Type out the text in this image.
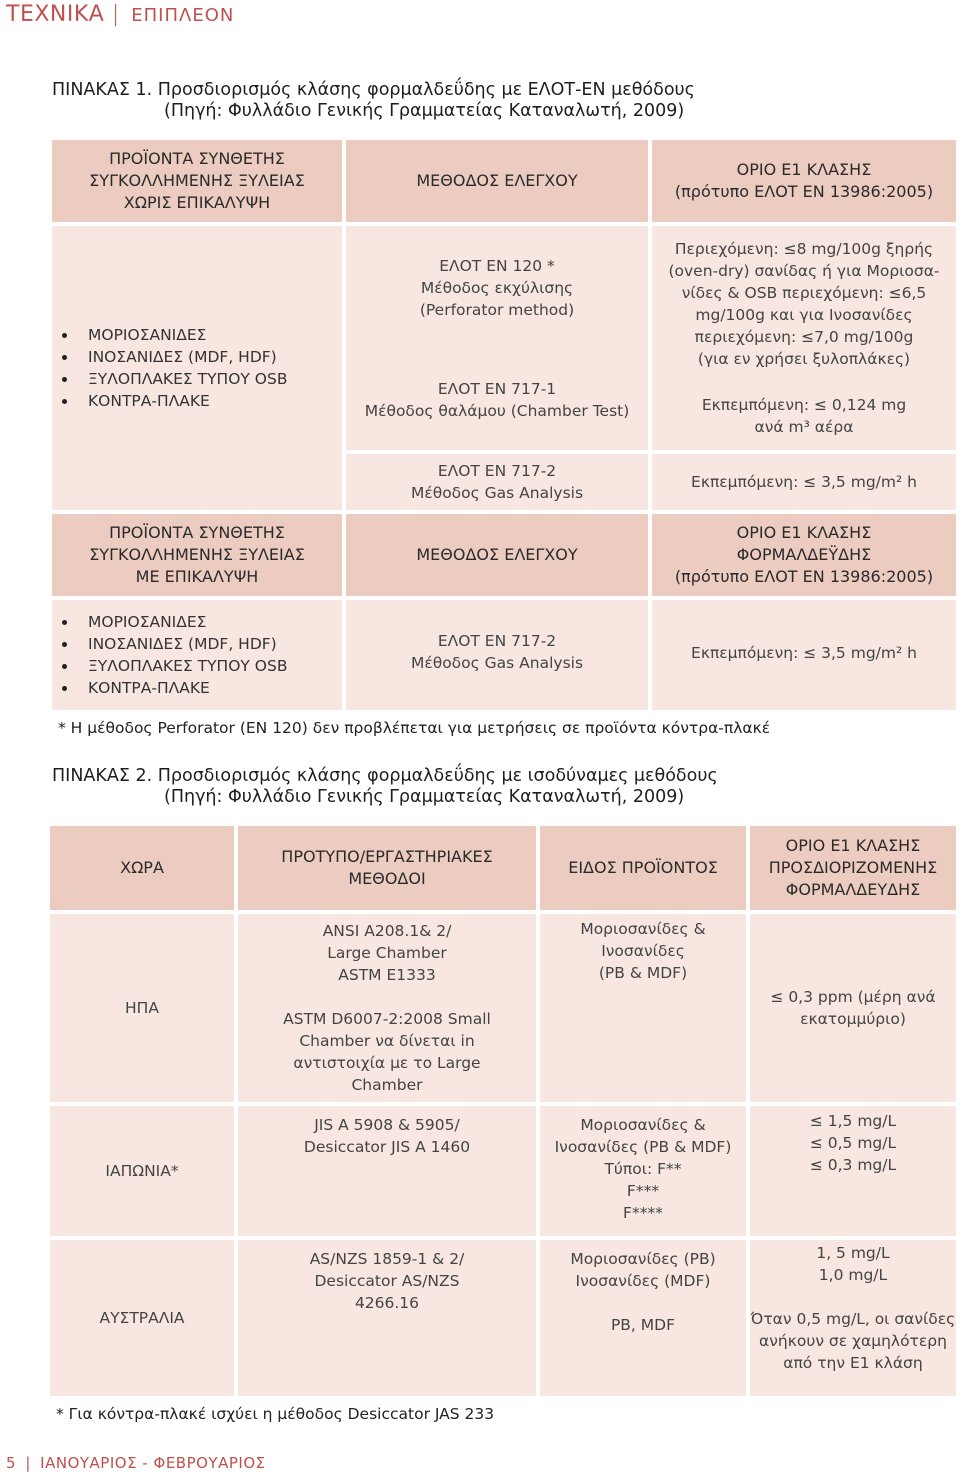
ΤΕΧΝΙΚΑ | ΕΠΙΠΛΕΟΝ
ΠΙΝΑΚΑΣ 1. Προσδιορισμός κλάσης φορμαλδεΰδης με ΕΛΟΤ-ΕΝ μεθόδους
(Πηγή: Φυλλάδιο Γενικής Γραμματείας Καταναλωτή, 2009)
ΠΡΟΪΟΝΤΑ ΣΥΝΘΕΤΗΣ
ΣΥΓΚΟΛΛΗΜΕΝΗΣ ΞΥΛΕΙΑΣ
ΧΩΡΙΣ ΕΠΙΚΑΛΥΨΗ
ΜΕΘΟΔΟΣ ΕΛΕΓΧΟΥ
ΟΡΙΟ Ε1 ΚΛΑΣΗΣ
(πρότυπο ΕΛΟΤ ΕΝ 13986:2005)
ΜΟΡΙΟΣΑΝΙΔΕΣ
ΙΝΟΣΑΝΙΔΕΣ (MDF, HDF)
ΞΥΛΟΠΛΑΚΕΣ ΤΥΠΟΥ OSB
ΚΟΝΤΡΑ-ΠΛΑΚΕ
ΕΛΟΤ ΕΝ 120 *
Μέθοδος εκχύλισης
(Perforator method)
ΕΛΟΤ ΕΝ 717-1
Μέθοδος θαλάμου (Chamber Test)
Περιεχόμενη: ≤8 mg/100g ξηρής
(oven-dry) σανίδας ή για Μοριοσα-
νίδες & OSB περιεχόμενη: ≤6,5
mg/100g και για Ινοσανίδες
περιεχόμενη: ≤7,0 mg/100g
(για εν χρήσει ξυλοπλάκες)
Εκπεμπόμενη: ≤ 0,124 mg
ανά m³ αέρα
ΕΛΟΤ ΕΝ 717-2
Μέθοδος Gas Analysis
Εκπεμπόμενη: ≤ 3,5 mg/m² h
ΠΡΟΪΟΝΤΑ ΣΥΝΘΕΤΗΣ
ΣΥΓΚΟΛΛΗΜΕΝΗΣ ΞΥΛΕΙΑΣ
ΜΕ ΕΠΙΚΑΛΥΨΗ
ΜΕΘΟΔΟΣ ΕΛΕΓΧΟΥ
ΟΡΙΟ Ε1 ΚΛΑΣΗΣ
ΦΟΡΜΑΛΔΕΫΔΗΣ
(πρότυπο ΕΛΟΤ ΕΝ 13986:2005)
ΜΟΡΙΟΣΑΝΙΔΕΣ
ΙΝΟΣΑΝΙΔΕΣ (MDF, HDF)
ΞΥΛΟΠΛΑΚΕΣ ΤΥΠΟΥ OSB
ΚΟΝΤΡΑ-ΠΛΑΚΕ
ΕΛΟΤ ΕΝ 717-2
Μέθοδος Gas Analysis
Εκπεμπόμενη: ≤ 3,5 mg/m² h
* Η μέθοδος Perforator (ΕΝ 120) δεν προβλέπεται για μετρήσεις σε προϊόντα κόντρα-πλακέ
ΠΙΝΑΚΑΣ 2. Προσδιορισμός κλάσης φορμαλδεΰδης με ισοδύναμες μεθόδους
(Πηγή: Φυλλάδιο Γενικής Γραμματείας Καταναλωτή, 2009)
ΧΩΡΑ
ΠΡΟΤΥΠΟ/ΕΡΓΑΣΤΗΡΙΑΚΕΣ
ΜΕΘΟΔΟΙ
ΕΙΔΟΣ ΠΡΟΪΟΝΤΟΣ
ΟΡΙΟ Ε1 ΚΛΑΣΗΣ
ΠΡΟΣΔΙΟΡΙΖΟΜΕΝΗΣ
ΦΟΡΜΑΛΔΕΥΔΗΣ
ΗΠΑ
ANSI A208.1& 2/
Large Chamber
ASTM E1333

ASTM D6007-2:2008 Small
Chamber να δίνεται in
αντιστοιχία με το Large
Chamber
Μοριοσανίδες &
Ινοσανίδες
(PB & MDF)
≤ 0,3 ppm (μέρη ανά
εκατομμύριο)
ΙΑΠΩΝΙΑ*
JIS A 5908 & 5905/
Desiccator JIS A 1460
Μοριοσανίδες &
Ινοσανίδες (PB & MDF)
Τύποι: F**
F***
F****
≤ 1,5 mg/L
≤ 0,5 mg/L
≤ 0,3 mg/L
ΑΥΣΤΡΑΛΙΑ
AS/NZS 1859-1 & 2/
Desiccator AS/NZS
4266.16
Μοριοσανίδες (PB)
Ινοσανίδες (MDF)

PB, MDF
1, 5 mg/L
1,0 mg/L

Όταν 0,5 mg/L, οι σανίδες
ανήκουν σε χαμηλότερη
από την Ε1 κλάση
* Για κόντρα-πλακέ ισχύει η μέθοδος Desiccator JAS 233
5 | ΙΑΝΟΥΑΡΙΟΣ - ΦΕΒΡΟΥΑΡΙΟΣ
